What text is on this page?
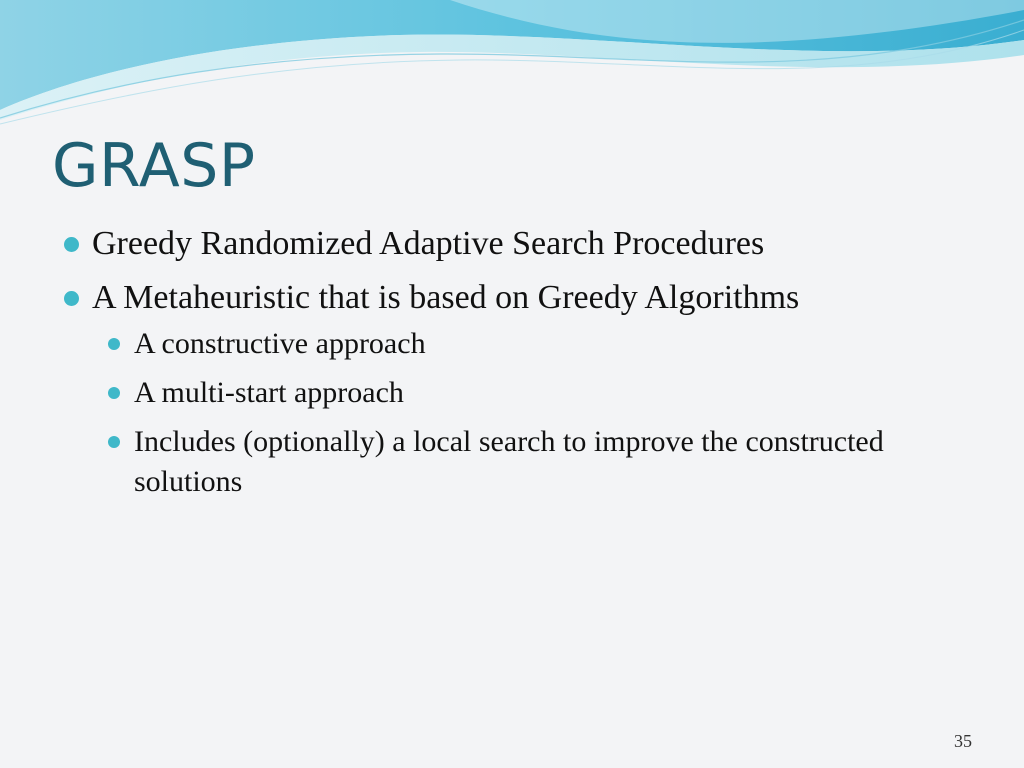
GRASP
Greedy Randomized Adaptive Search Procedures
A Metaheuristic that is based on Greedy Algorithms
A constructive approach
A multi-start approach
Includes (optionally) a local search to improve the constructed solutions
35
